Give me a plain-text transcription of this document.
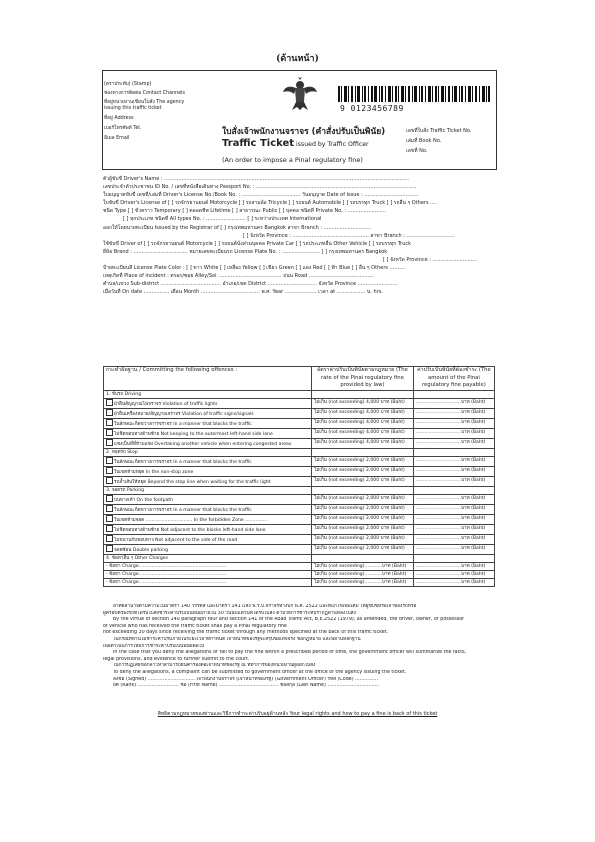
(ด้านหน้า)
(ตราประทับ) (Stamp)
ช่องทางการติดต่อ Contact Channels
ที่อยู่หน่วยงานเขียนใบสั่ง The agency
issuing this traffic ticket
ที่อยู่ Address
เบอร์โทรศัพท์ Tel.
อีเมล Email
9 0123456789
ใบสั่งเจ้าพนักงานจราจร (คำสั่งปรับเป็นพินัย)
Traffic Ticket issued by Traffic Officer
(An order to impose a Pinal regulatory fine)
เลขที่ใบสั่ง Traffic Ticket No.
เล่มที่ Book No.
เลขที่ No.
ตัวผู้ขับขี่ Driver's Name : ..........................................................................................................................................................
เลขประจำตัวประชาชน ID No. / เลขที่หนังสือเดินทาง Passport No. : .....................................................................................................
ใบอนุญาตขับขี่ เลขที่/เล่มที่ Driver's License No./Book No. : ..................................... วันอนุญาต Date of Issue : ..................................
ใบขับขี่ Driver's License of [ ] รถจักรยานยนต์ Motorcycle [ ] รถสามล้อ Tricycle [ ] รถยนต์ Automobile [ ] รถบรรทุก Truck [ ] รถอื่น ๆ Others ....
ชนิด Type [ ] ชั่วคราว Temporary [ ] ตลอดชีพ Lifetime [ ] สาธารณะ Public [ ] บุคคล ชนิดที่ Private No. : ........................
[ ] ทุกประเภท ชนิดที่ All types No. : ......................... [ ] ระหว่างประเทศ International
ออกให้โดยนายทะเบียน Issued by the Registrar of [ ] กรุงเทพมหานคร Bangkok สาขา Branch : ..............................
[ ] จังหวัด Province : ................................................ สาขา Branch : ..............................
ใช้ขับขี่ Driver of [ ] รถจักรยานยนต์ Motorcycle [ ] รถยนต์นั่งส่วนบุคคล Private Car [ ] รถประเภทอื่น Other Vehicle [ ] รถบรรทุก Truck
ยี่ห้อ Brand : .................................. หมายเลขทะเบียนรถ License Plate No. : ........................ [ ] กรุงเทพมหานคร Bangkok
[ ] จังหวัด Province : ............................
ป้ายทะเบียนสี License Plate Color : [ ] ขาว White [ ] เหลือง Yellow [ ] เขียว Green [ ] แดง Red [ ] ฟ้า Blue [ ] อื่น ๆ Others ..........
เหตุเกิดที่ Place of incident : ตรอก/ซอย Alley/Soi ........................................ ถนน Road .........................................
ตำบล/แขวง Sub-district ...................................... อำเภอ/เขต District ............................... จังหวัด Province .........................
เมื่อวันที่ On date ................ เดือน Month ..................................... พ.ศ. Year .................... เวลา at .................. น. hrs.
กระทำผิดฐาน / Committing the following offences :	อัตราค่าปรับเป็นพินัยตามกฎหมาย (The rate of the Pinai regulatory fine provided by law)	ค่าปรับเป็นพินัยที่ต้องชำระ (The amount of the Pinai regulatory fine payable)
1. ขับรถ Driving		
ฝ่าฝืนสัญญาณไฟจราจร Violation of traffic lights	ไม่เกิน (not exceeding) 4,000 บาท (Baht)	...............................บาท (Baht)
ฝ่าฝืนเครื่องหมาย/สัญญาณจราจร Violation of traffic signs/signals	ไม่เกิน (not exceeding) 4,000 บาท (Baht)	...............................บาท (Baht)
ในลักษณะกีดขวางการจราจร In a manner that blocks the traffic	ไม่เกิน (not exceeding) 4,000 บาท (Baht)	...............................บาท (Baht)
ไม่ชิดขอบทางด้านซ้าย Not keeping to the outermost left-hand side lane	ไม่เกิน (not exceeding) 4,000 บาท (Baht)	...............................บาท (Baht)
แซงเป็นที่ที่ห้ามแซง Overtaking another vehicle when entering congested areas	ไม่เกิน (not exceeding) 4,000 บาท (Baht)	...............................บาท (Baht)
2. หยุดรถ Stop		
ในลักษณะกีดขวางการจราจร In a manner that blocks the traffic	ไม่เกิน (not exceeding) 2,000 บาท (Baht)	...............................บาท (Baht)
ในเขตห้ามหยุด In the non-stop zone	ไม่เกิน (not exceeding) 2,000 บาท (Baht)	...............................บาท (Baht)
รถล้ำเส้นให้หยุด Beyond the stop line when waiting for the traffic light	ไม่เกิน (not exceeding) 2,000 บาท (Baht)	...............................บาท (Baht)
3. จอดรถ Parking		
บนทางเท้า On the footpath	ไม่เกิน (not exceeding) 2,000 บาท (Baht)	...............................บาท (Baht)
ในลักษณะกีดขวางการจราจร In a manner that blocks the traffic	ไม่เกิน (not exceeding) 2,000 บาท (Baht)	...............................บาท (Baht)
ในเขตห้ามจอด ................................ In the forbidden Zone ...............	ไม่เกิน (not exceeding) 2,000 บาท (Baht)	...............................บาท (Baht)
ไม่ชิดขอบทางด้านซ้าย Not adjacent to the blocks left-hand side lane	ไม่เกิน (not exceeding) 2,000 บาท (Baht)	...............................บาท (Baht)
ไม่ขนานกับขอบทาง Not adjacent to the side of the road	ไม่เกิน (not exceeding) 2,000 บาท (Baht)	...............................บาท (Baht)
จอดซ้อน Double parking	ไม่เกิน (not exceeding) 2,000 บาท (Baht)	...............................บาท (Baht)
4. ข้อหาอื่น ๆ Other Charges		
- ข้อหา Charge............................................................	ไม่เกิน (not exceeding)............บาท (Baht)	...............................บาท (Baht)
- ข้อหา Charge............................................................	ไม่เกิน (not exceeding)............บาท (Baht)	...............................บาท (Baht)
- ข้อหา Charge............................................................	ไม่เกิน (not exceeding)............บาท (Baht)	...............................บาท (Baht)
อาศัยอำนาจตามความในมาตรา 140 วรรคสี่ และมาตรา 141 แห่ง พ.ร.บ.จราจรทางบก พ.ศ. 2522 และที่แก้ไขเพิ่มเติม ให้ผู้ขับขี่หรือเจ้าของรถหรือ
ผู้ครอบครองรถที่ได้รับใบสั่งชำระค่าปรับเป็นพินัยภายใน 30 วันนับแต่วันที่ได้รับใบสั่ง ตามวิธีการชำระที่ปรากฏด้านหลังใบสั่ง
By the virtue of section 140 paragraph four and section 141 of the Road Traffic Act, B.E.2522 (1979), as amended, the driver, owner, or possessor
of vehicle who has received the traffic ticket shall pay a Pinai regulatory fine
not exceeding 30 days since receiving the traffic ticket through any methods specified at the back of this traffic ticket.
ในกรณีที่ท่านไม่ชำระค่าปรับภายในระยะเวลาที่กำหนด เจ้าหน้าที่ของรัฐจะสรุปข้อเท็จจริง ข้อกฎหมาย และพยานหลักฐาน
เพื่อดำเนินการให้มีการชำระค่าปรับเป็นพินัยต่อไป
In the case that you deny the allegations or fail to pay the fine within a prescribed period of time, the government officer will summarize the facts,
legal provisions, and evidence to further submit to the court.
ในการปฏิเสธข้อกล่าวหาสามารถยื่นคำร้องต่อเจ้าหน้าที่ของรัฐ ณ ที่ทำการของหน่วยงานผู้ออกใบสั่ง
To deny the allegations, a complaint can be submitted to government officer at the office of the agency issuing the ticket.
ลงชื่อ (Signed) ............................... เจ้าพนักงานจราจร (เจ้าหน้าที่ของรัฐ) (Government Officer) รหัส (Code) ...............
ยศ (Rank) ........................... ชื่อ (First Name) ....................................... ชื่อสกุล (Last Name) ..................................
สิทธิตามกฎหมายของท่านและวิธีการชำระค่าปรับอยู่ด้านหลัง Your legal rights and how to pay a fine is back of this ticket
